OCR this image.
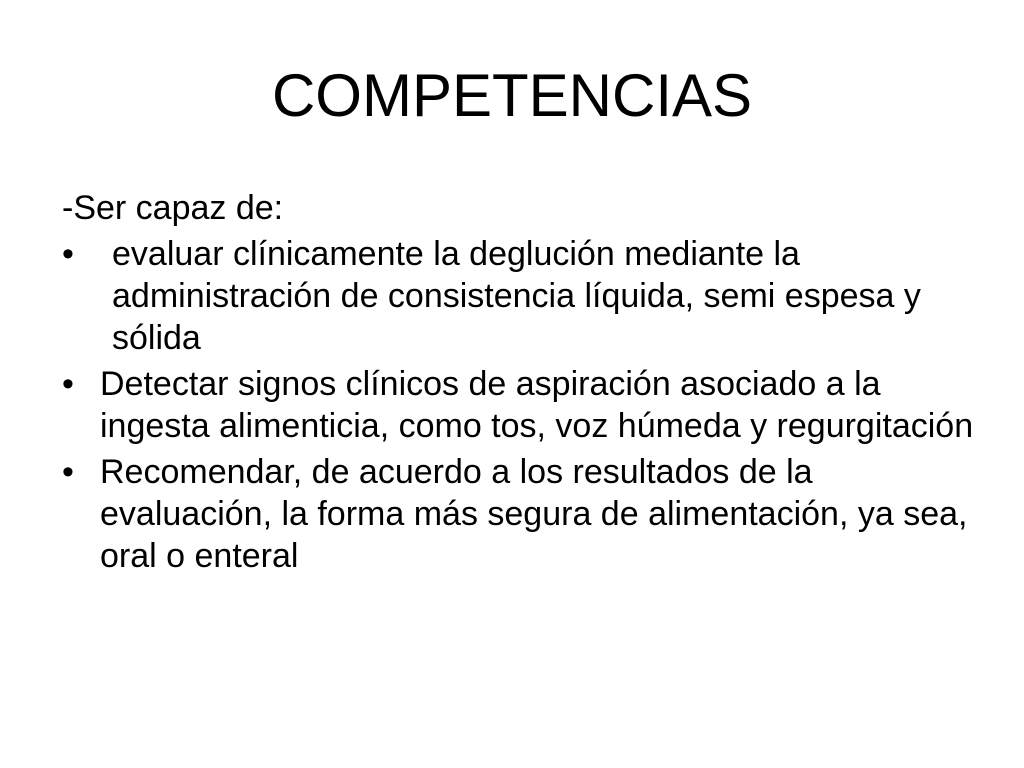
COMPETENCIAS

-Ser capaz de:

•	evaluar clínicamente la deglución mediante la administración de consistencia líquida, semi espesa y sólida
• Detectar signos clínicos de aspiración asociado a la ingesta alimenticia, como tos, voz húmeda y regurgitación
• Recomendar, de acuerdo a los resultados de la evaluación, la forma más segura de alimentación, ya sea, oral o enteral
